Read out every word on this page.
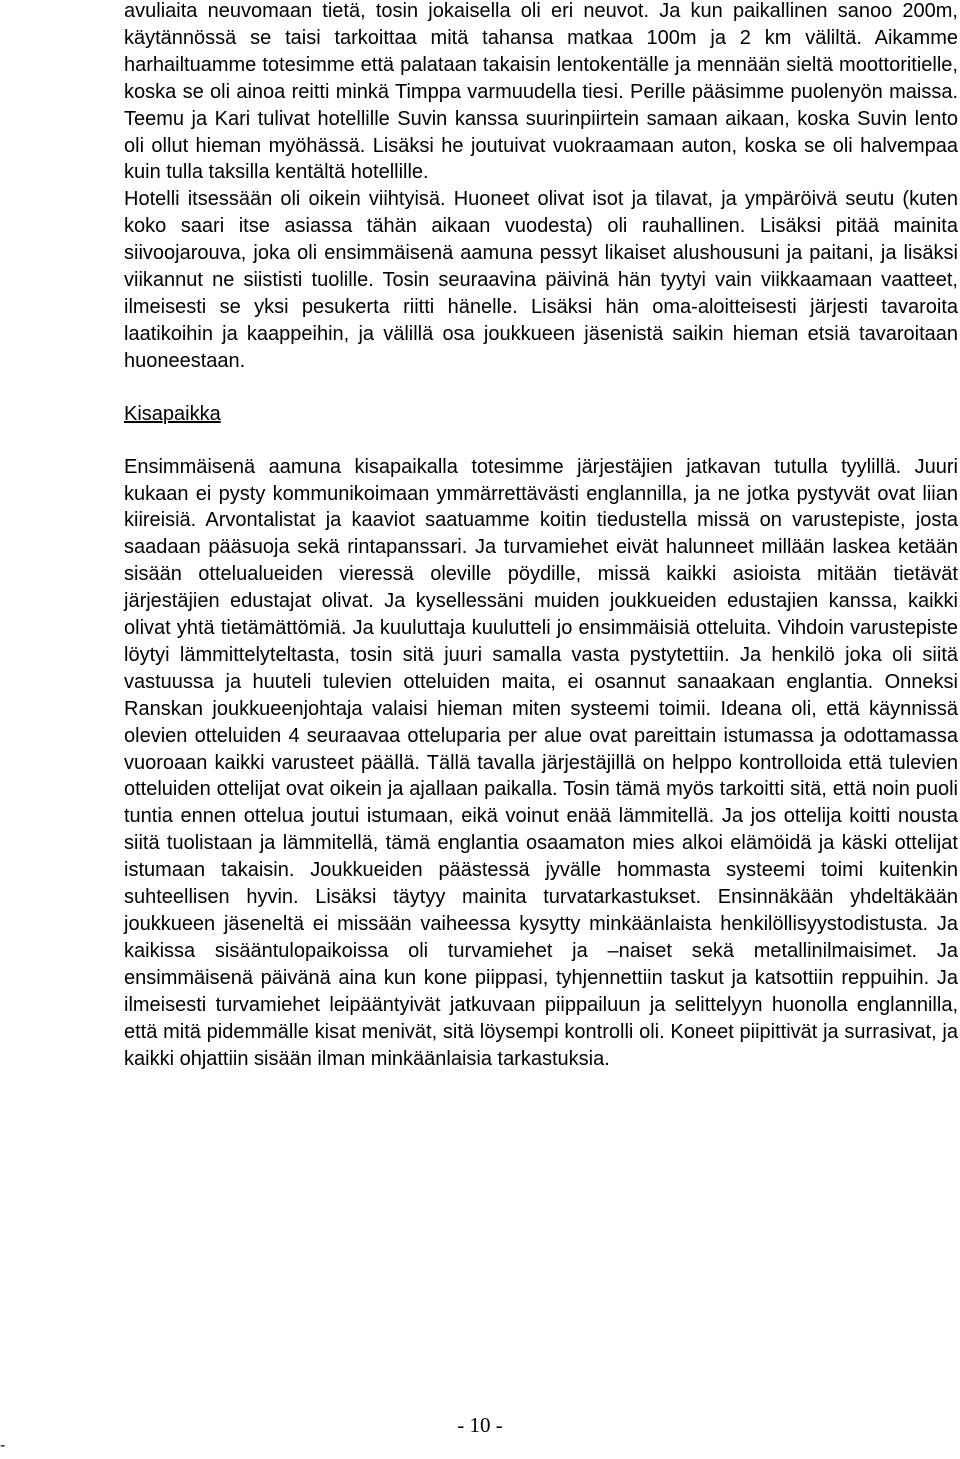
avuliaita neuvomaan tietä, tosin jokaisella oli eri neuvot. Ja kun paikallinen sanoo 200m, käytännössä se taisi tarkoittaa mitä tahansa matkaa 100m ja 2 km väliltä. Aikamme harhailtuamme totesimme että palataan takaisin lentokentälle ja mennään sieltä moottoritielle, koska se oli ainoa reitti minkä Timppa varmuudella tiesi. Perille pääsimme puolenyön maissa. Teemu ja Kari tulivat hotellille Suvin kanssa suurinpiirtein samaan aikaan, koska Suvin lento oli ollut hieman myöhässä. Lisäksi he joutuivat vuokraamaan auton, koska se oli halvempaa kuin tulla taksilla kentältä hotellille.

Hotelli itsessään oli oikein viihtyisä. Huoneet olivat isot ja tilavat, ja ympäröivä seutu (kuten koko saari itse asiassa tähän aikaan vuodesta) oli rauhallinen. Lisäksi pitää mainita siivoojarouva, joka oli ensimmäisenä aamuna pessyt likaiset alushousuni ja paitani, ja lisäksi viikannut ne siististi tuolille. Tosin seuraavina päivinä hän tyytyi vain viikkaamaan vaatteet, ilmeisesti se yksi pesukerta riitti hänelle. Lisäksi hän oma-aloitteisesti järjesti tavaroita laatikoihin ja kaappeihin, ja välillä osa joukkueen jäsenistä saikin hieman etsiä tavaroitaan huoneestaan.

Kisapaikka

Ensimmäisenä aamuna kisapaikalla totesimme järjestäjien jatkavan tutulla tyylillä. Juuri kukaan ei pysty kommunikoimaan ymmärrettävästi englannilla, ja ne jotka pystyvät ovat liian kiireisiä. Arvontalistat ja kaaviot saatuamme koitin tiedustella missä on varustepiste, josta saadaan pääsuoja sekä rintapanssari. Ja turvamiehet eivät halunneet millään laskea ketään sisään ottelualueiden vieressä oleville pöydille, missä kaikki asioista mitään tietävät järjestäjien edustajat olivat. Ja kysellessäni muiden joukkueiden edustajien kanssa, kaikki olivat yhtä tietämättömiä. Ja kuuluttaja kuulutteli jo ensimmäisiä otteluita. Vihdoin varustepiste löytyi lämmittelyteltasta, tosin sitä juuri samalla vasta pystytettiin. Ja henkilö joka oli siitä vastuussa ja huuteli tulevien otteluiden maita, ei osannut sanaakaan englantia. Onneksi Ranskan joukkueenjohtaja valaisi hieman miten systeemi toimii. Ideana oli, että käynnissä olevien otteluiden 4 seuraavaa otteluparia per alue ovat pareittain istumassa ja odottamassa vuoroaan kaikki varusteet päällä. Tällä tavalla järjestäjillä on helppo kontrolloida että tulevien otteluiden ottelijat ovat oikein ja ajallaan paikalla. Tosin tämä myös tarkoitti sitä, että noin puoli tuntia ennen ottelua joutui istumaan, eikä voinut enää lämmitellä. Ja jos ottelija koitti nousta siitä tuolistaan ja lämmitellä, tämä englantia osaamaton mies alkoi elämöidä ja käski ottelijat istumaan takaisin. Joukkueiden päästessä jyvälle hommasta systeemi toimi kuitenkin suhteellisen hyvin. Lisäksi täytyy mainita turvatarkastukset. Ensinnäkään yhdeltäkään joukkueen jäseneltä ei missään vaiheessa kysytty minkäänlaista henkilöllisyystodistusta. Ja kaikissa sisääntulopaikoissa oli turvamiehet ja –naiset sekä metallinilmaisimet. Ja ensimmäisenä päivänä aina kun kone piippasi, tyhjennettiin taskut ja katsottiin reppuihin. Ja ilmeisesti turvamiehet leipääntyivät jatkuvaan piippailuun ja selittelyyn huonolla englannilla, että mitä pidemmälle kisat menivät, sitä löysempi kontrolli oli. Koneet piipittivät ja surrasivat, ja kaikki ohjattiin sisään ilman minkäänlaisia tarkastuksia.

- 10 -
-
